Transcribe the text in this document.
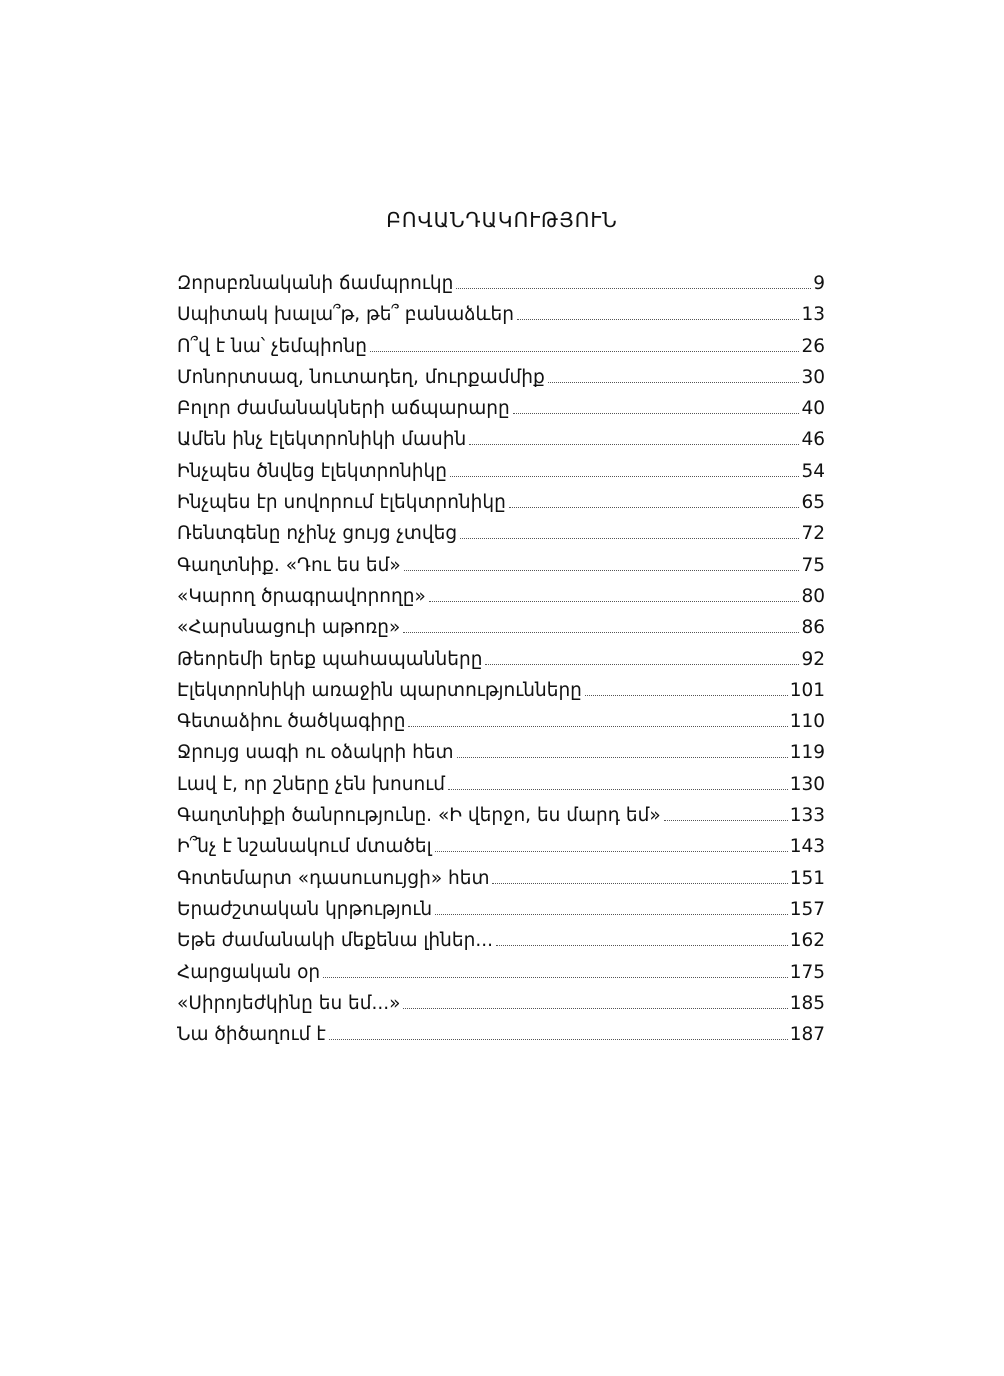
ԲՈՎԱՆԴԱԿՈՒԹՅՈՒՆ
Զորսբռնականի ճամպրուկը	9
Սպիտակ խալա՞թ, թե՞ բանաձևեր	13
Ո՞վ է նա՝ չեմպիոնը	26
Մոնորտսազ, նուտադեղ, մուրքամմիք	30
Բոլոր ժամանակների աճպարարը	40
Ամեն ինչ էլեկտրոնիկի մասին	46
Ինչպես ծնվեց էլեկտրոնիկը	54
Ինչպես էր սովորում էլեկտրոնիկը	65
Ռենտգենը ոչինչ ցույց չտվեց	72
Գաղտնիք. «Դու ես եմ»	75
«Կարող ծրագրավորողը»	80
«Հարսնացուի աթոռը»	86
Թեորեմի երեք պահապանները	92
Էլեկտրոնիկի առաջին պարտությունները	101
Գետաձիու ծածկագիրը	110
Ջրույց սագի ու օձակրի հետ	119
Լավ է, որ շները չեն խոսում	130
Գաղտնիքի ծանրությունը. «Ի վերջո, ես մարդ եմ»	133
Ի՞նչ է նշանակում մտածել	143
Գոտեմարտ «դասուսույցի» հետ	151
Երաժշտական կրթություն	157
Եթե ժամանակի մեքենա լիներ...	162
Հարցական օր	175
«Սիրոյեժկինը ես եմ...»	185
Նա ծիծաղում է	187
